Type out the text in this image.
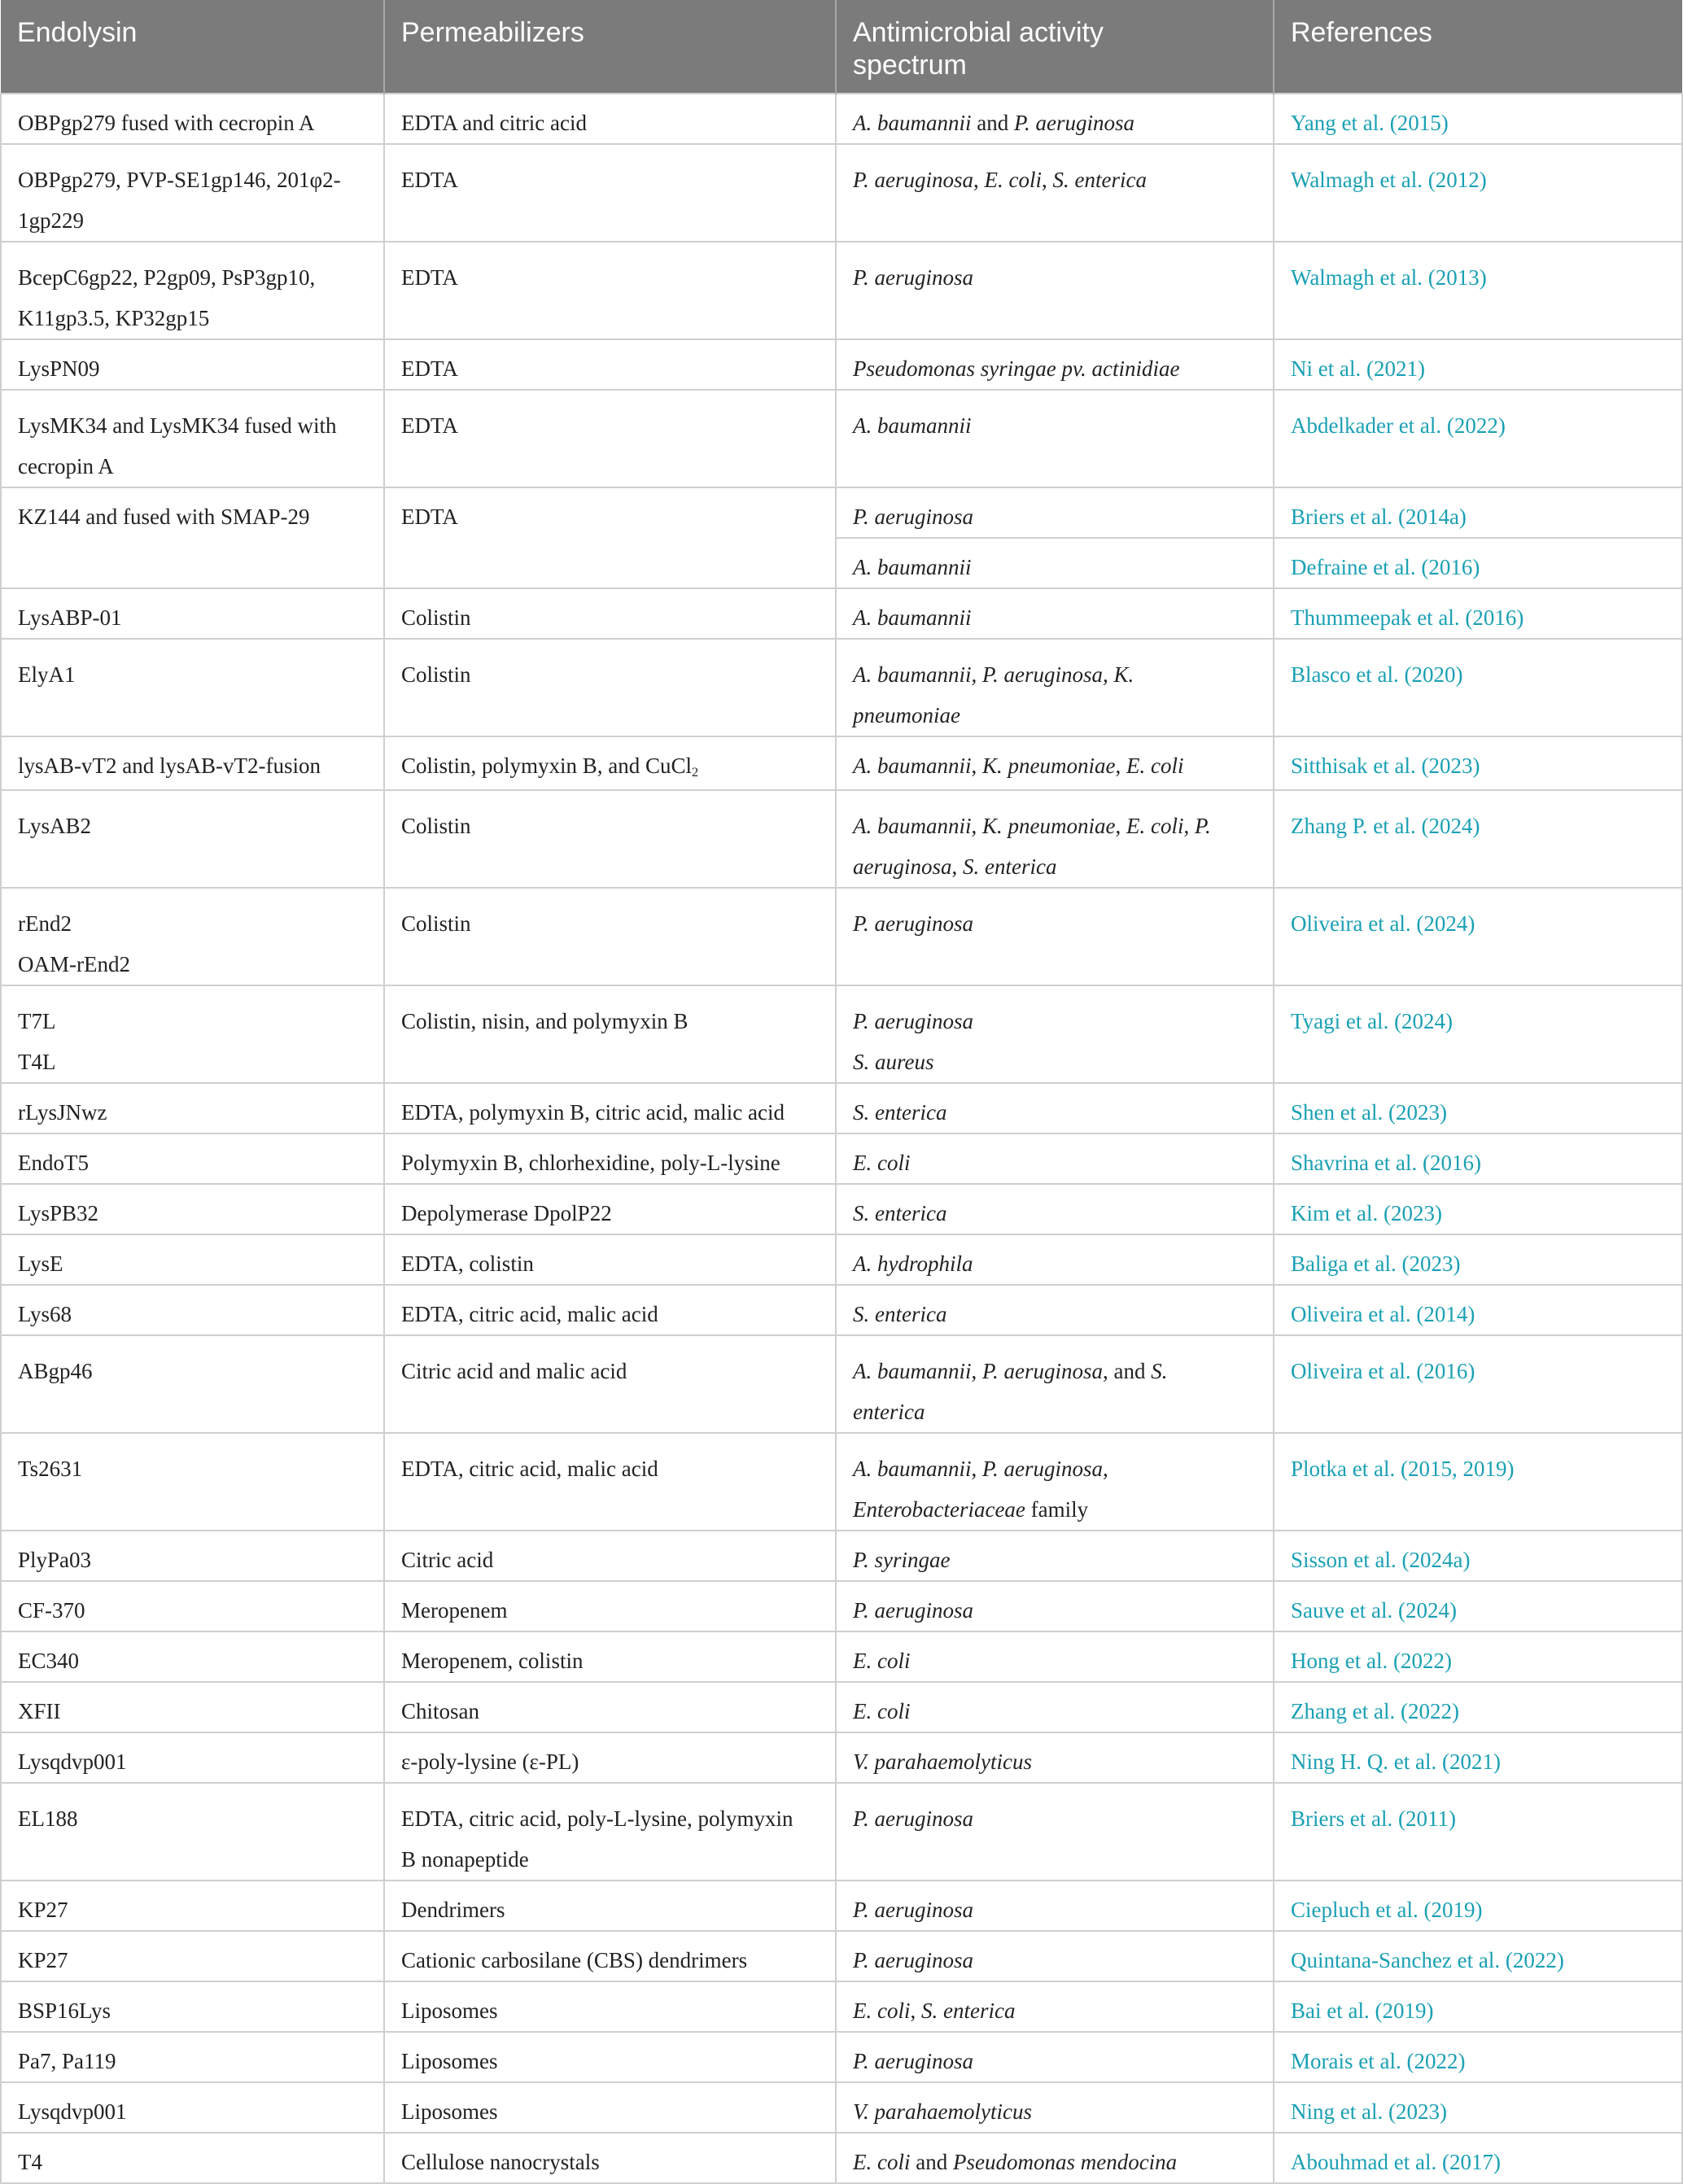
Endolysin	Permeabilizers	Antimicrobial activity spectrum	References

OBPgp279 fused with cecropin A	EDTA and citric acid	A. baumannii and P. aeruginosa	Yang et al. (2015)

OBPgp279, PVP-SE1gp146, 201φ2-
1gp229	EDTA	P. aeruginosa, E. coli, S. enterica	Walmagh et al. (2012)

BcepC6gp22, P2gp09, PsP3gp10,
K11gp3.5, KP32gp15	EDTA	P. aeruginosa	Walmagh et al. (2013)

LysPN09	EDTA	Pseudomonas syringae pv. actinidiae	Ni et al. (2021)

LysMK34 and LysMK34 fused with
cecropin A	EDTA	A. baumannii	Abdelkader et al. (2022)

KZ144 and fused with SMAP-29	EDTA	P. aeruginosa	Briers et al. (2014a)
		A. baumannii	Defraine et al. (2016)

LysABP-01	Colistin	A. baumannii	Thummeepak et al. (2016)

ElyA1	Colistin	A. baumannii, P. aeruginosa, K.
pneumoniae	Blasco et al. (2020)

lysAB-vT2 and lysAB-vT2-fusion	Colistin, polymyxin B, and CuCl$_2$	A. baumannii, K. pneumoniae, E. coli	Sitthisak et al. (2023)

LysAB2	Colistin	A. baumannii, K. pneumoniae, E. coli, P.
aeruginosa, S. enterica	Zhang P. et al. (2024)

rEnd2
OAM-rEnd2	Colistin	P. aeruginosa	Oliveira et al. (2024)

T7L
T4L	Colistin, nisin, and polymyxin B	P. aeruginosa
S. aureus	Tyagi et al. (2024)

rLysJNwz	EDTA, polymyxin B, citric acid, malic acid	S. enterica	Shen et al. (2023)

EndoT5	Polymyxin B, chlorhexidine, poly-L-lysine	E. coli	Shavrina et al. (2016)

LysPB32	Depolymerase DpolP22	S. enterica	Kim et al. (2023)

LysE	EDTA, colistin	A. hydrophila	Baliga et al. (2023)

Lys68	EDTA, citric acid, malic acid	S. enterica	Oliveira et al. (2014)

ABgp46	Citric acid and malic acid	A. baumannii, P. aeruginosa, and S.
enterica	Oliveira et al. (2016)

Ts2631	EDTA, citric acid, malic acid	A. baumannii, P. aeruginosa,
Enterobacteriaceae family	Plotka et al. (2015, 2019)

PlyPa03	Citric acid	P. syringae	Sisson et al. (2024a)

CF-370	Meropenem	P. aeruginosa	Sauve et al. (2024)

EC340	Meropenem, colistin	E. coli	Hong et al. (2022)

XFII	Chitosan	E. coli	Zhang et al. (2022)

Lysqdvp001	ε-poly-lysine (ε-PL)	V. parahaemolyticus	Ning H. Q. et al. (2021)

EL188	EDTA, citric acid, poly-L-lysine, polymyxin
B nonapeptide	P. aeruginosa	Briers et al. (2011)

KP27	Dendrimers	P. aeruginosa	Ciepluch et al. (2019)

KP27	Cationic carbosilane (CBS) dendrimers	P. aeruginosa	Quintana-Sanchez et al. (2022)

BSP16Lys	Liposomes	E. coli, S. enterica	Bai et al. (2019)

Pa7, Pa119	Liposomes	P. aeruginosa	Morais et al. (2022)

Lysqdvp001	Liposomes	V. parahaemolyticus	Ning et al. (2023)

T4	Cellulose nanocrystals	E. coli and Pseudomonas mendocina	Abouhmad et al. (2017)
